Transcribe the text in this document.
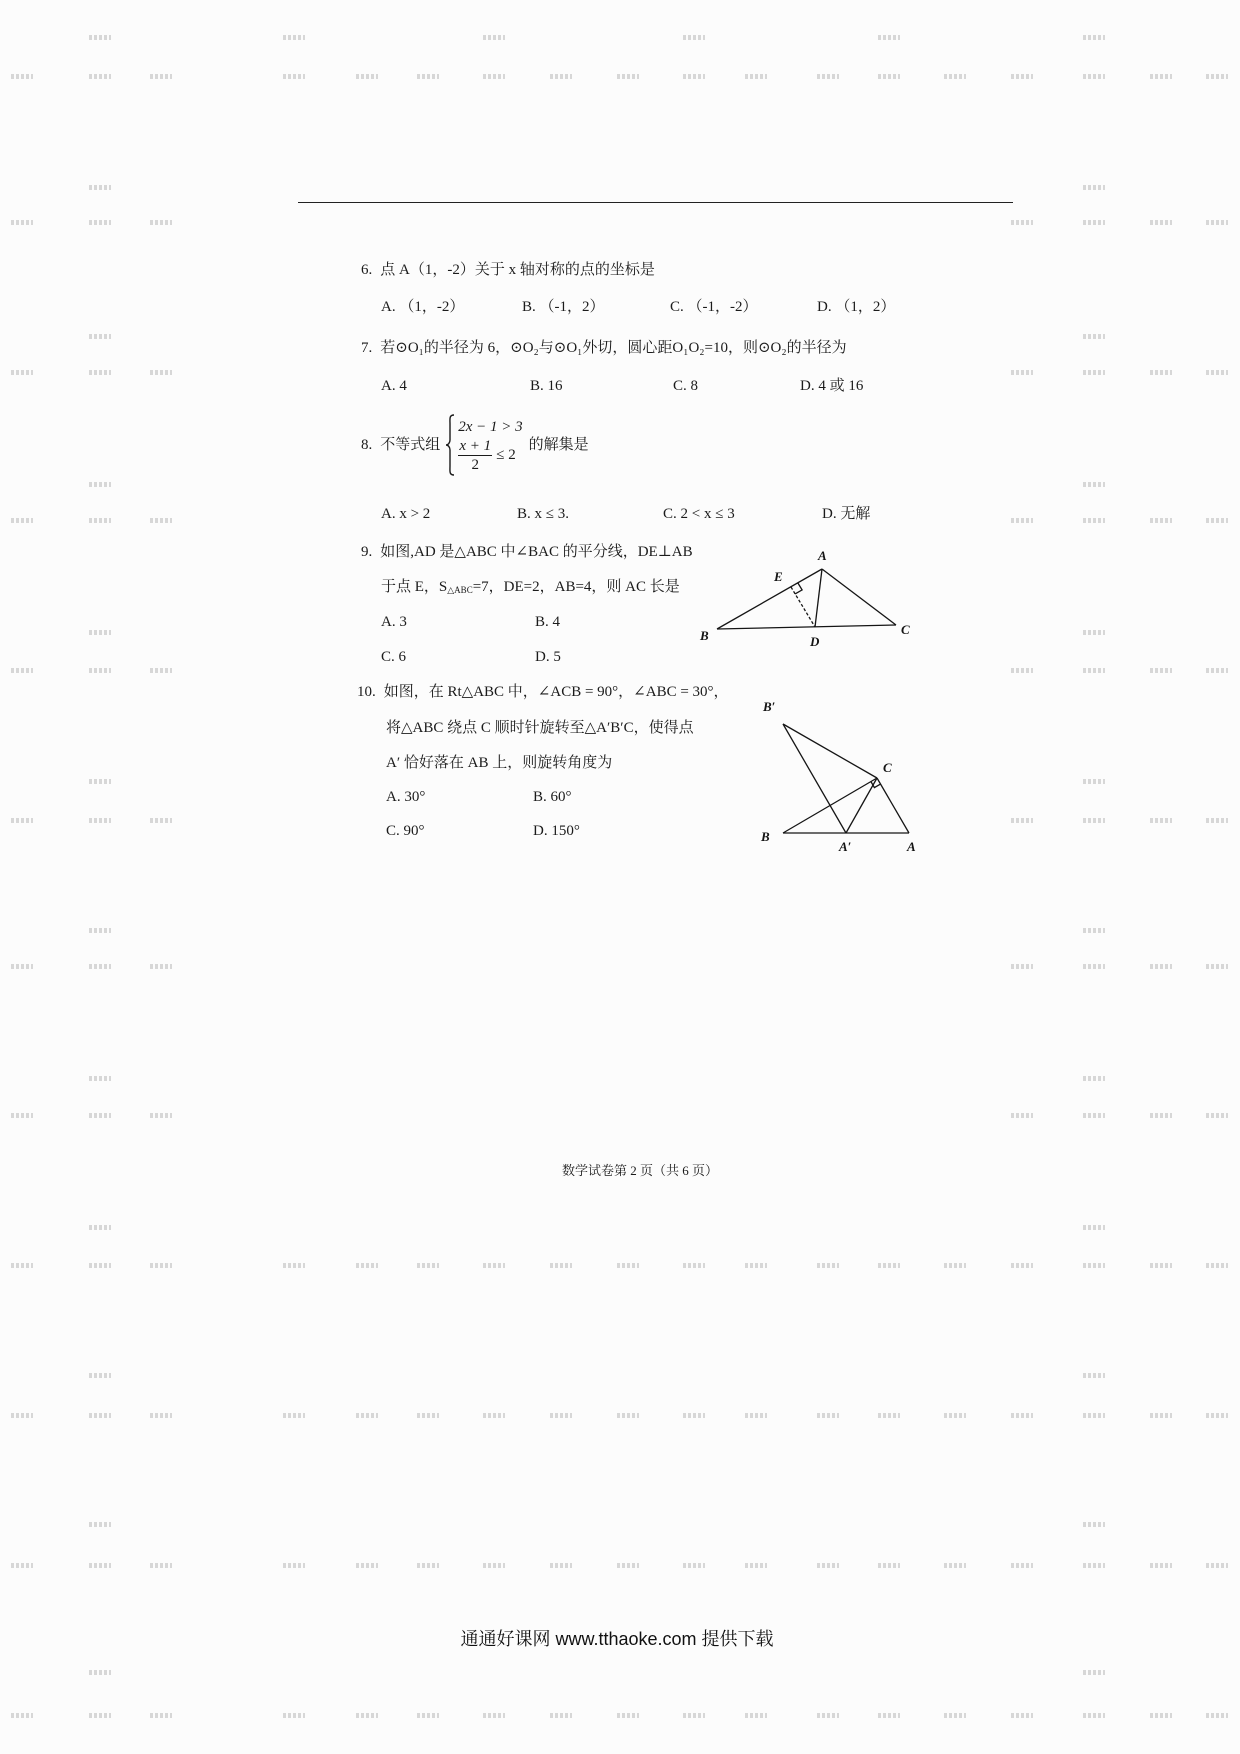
6. 点 A（1，-2）关于 x 轴对称的点的坐标是
A. （1，-2）	B. （-1，2）	C. （-1，-2）	D. （1，2）
7. 若⊙O₁的半径为 6，⊙O₂与⊙O₁外切，圆心距O₁O₂=10，则⊙O₂的半径为
A. 4	B. 16	C. 8	D. 4 或 16
8. 不等式组
2x − 1 > 3
$\frac{x + 1}{2} \le 2$
的解集是
A. x > 2	B. x ≤ 3.	C. 2 < x ≤ 3	D. 无解
9. 如图,AD 是△ABC 中∠BAC 的平分线，DE⊥AB
于点 E，$S_{\triangle ABC}=7$，DE=2，AB=4，则 AC 长是
A. 3	B. 4
C. 6	D. 5
A
E
B	D
C
10. 如图，在 Rt△ABC 中，∠ACB = 90°，∠ABC = 30°，
将△ABC 绕点 C 顺时针旋转至△A′B′C，使得点
A′ 恰好落在 AB 上，则旋转角度为
A. 30°	B. 60°
C. 90°	D. 150°
B′
C
B
A′	A
数学试卷第 2 页（共 6 页）
通通好课网 www.tthaoke.com 提供下载
